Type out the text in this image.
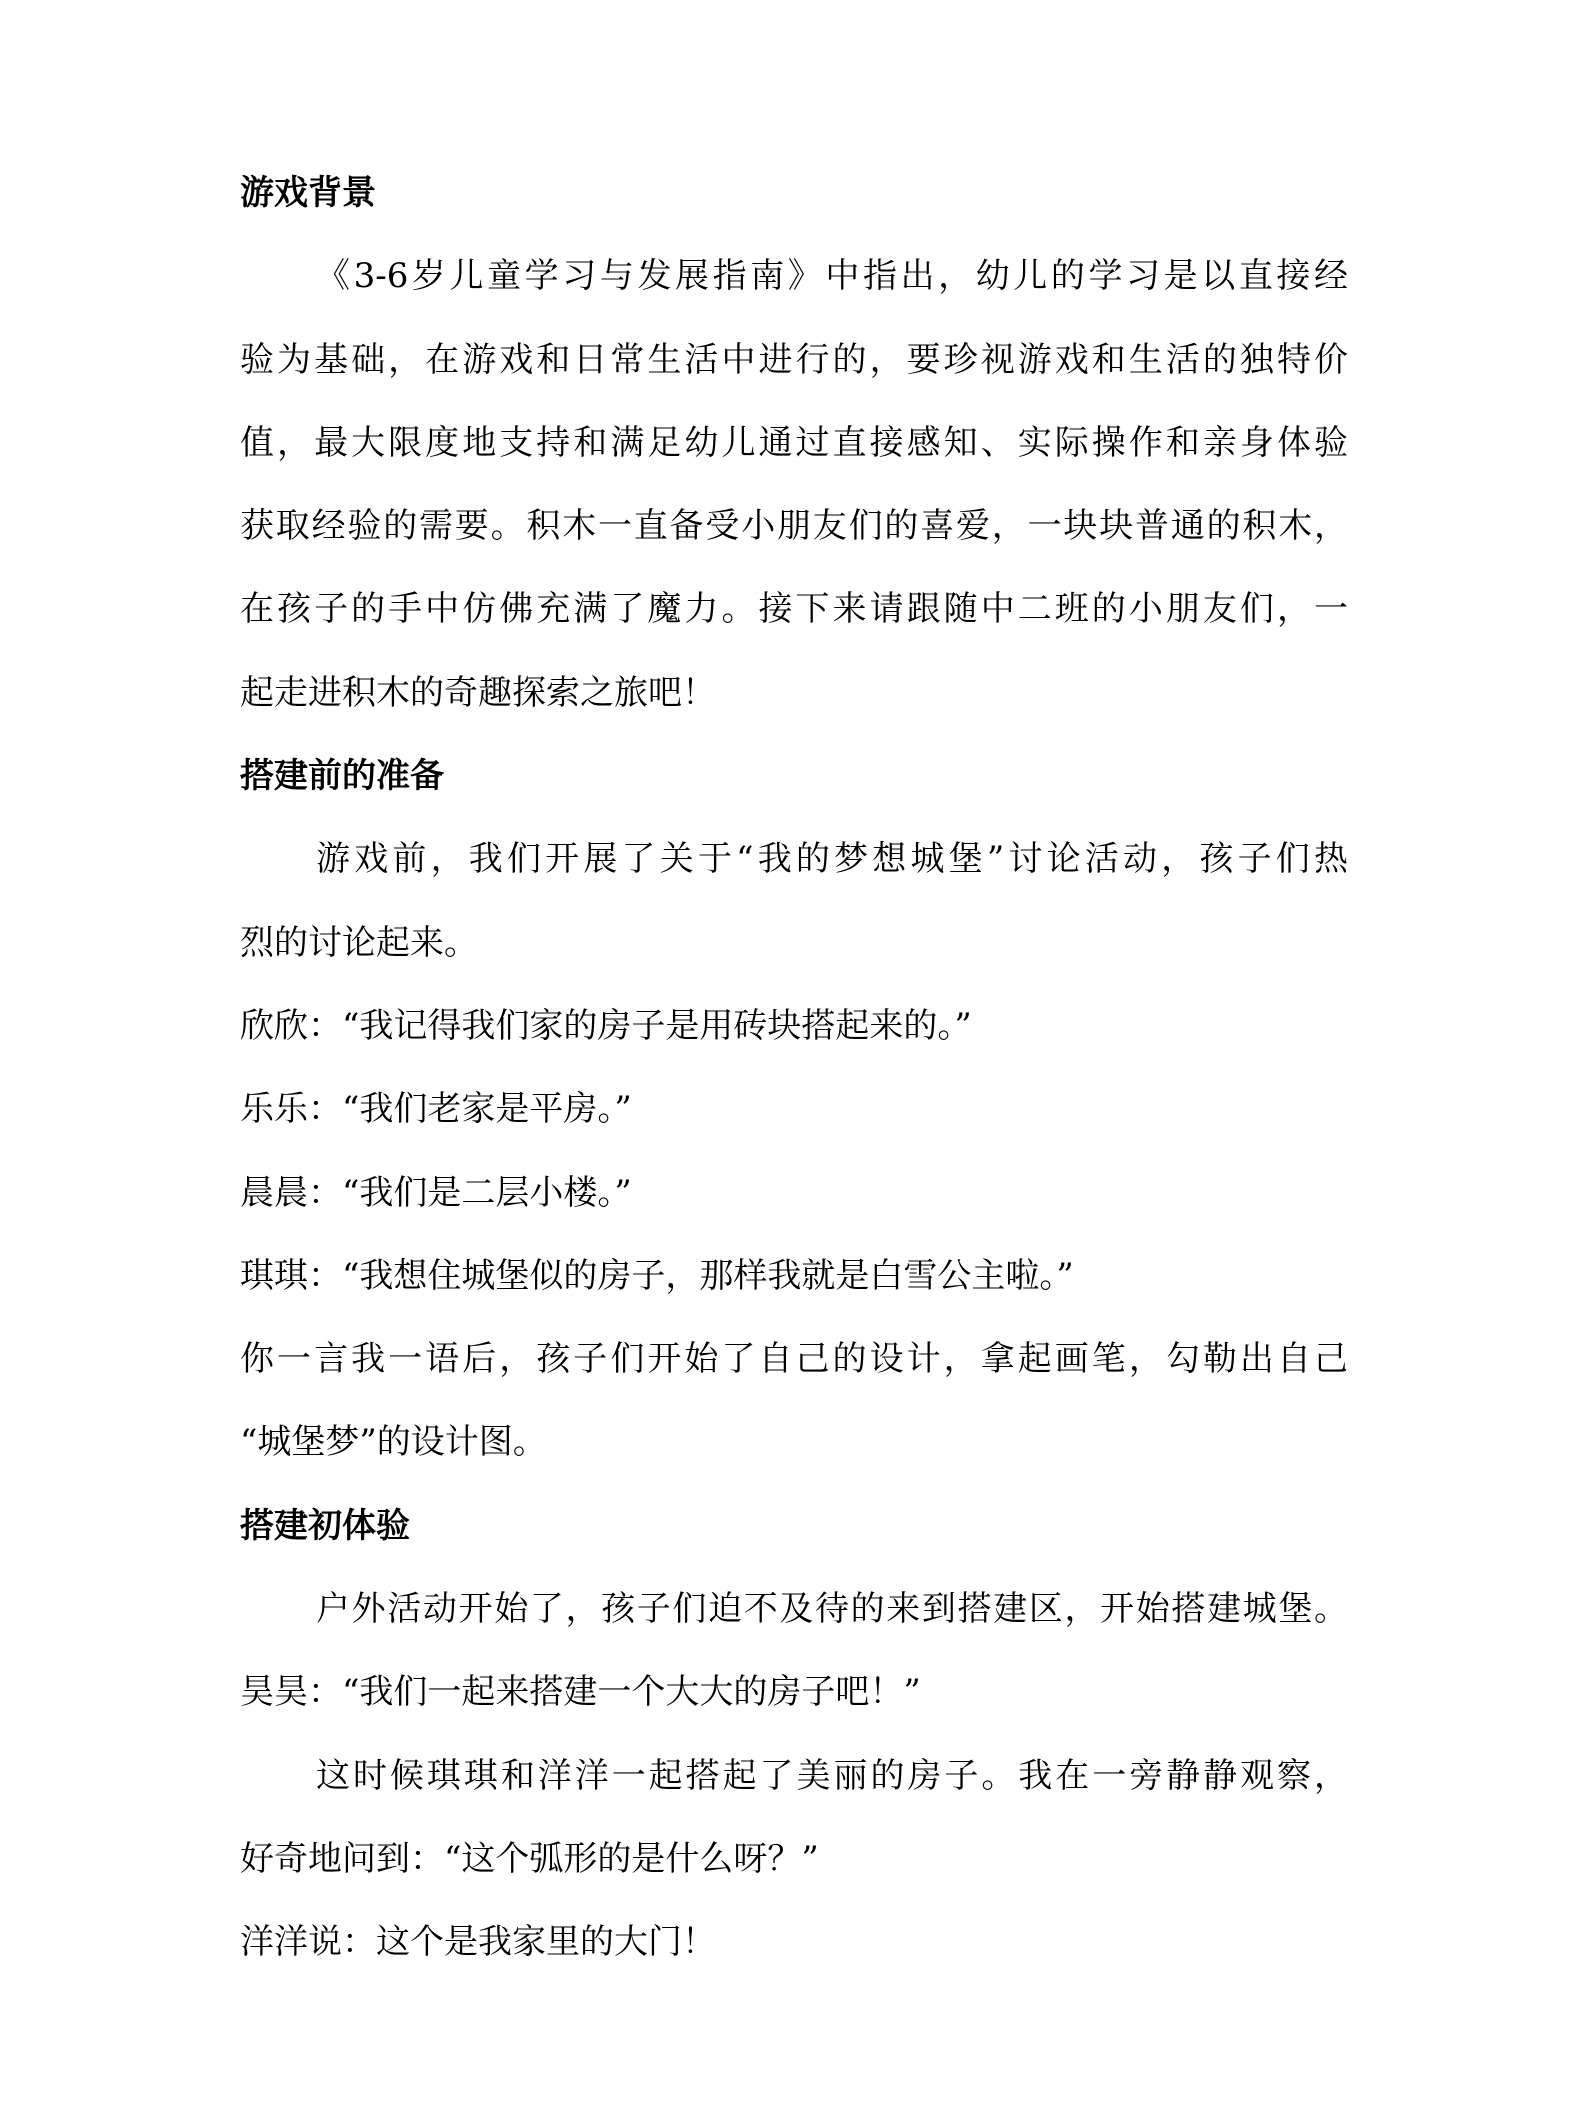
游戏背景
《3-6岁儿童学习与发展指南》中指出，幼儿的学习是以直接经
验为基础，在游戏和日常生活中进行的，要珍视游戏和生活的独特价
值，最大限度地支持和满足幼儿通过直接感知、实际操作和亲身体验
获取经验的需要。积木一直备受小朋友们的喜爱，一块块普通的积木，
在孩子的手中仿佛充满了魔力。接下来请跟随中二班的小朋友们，一
起走进积木的奇趣探索之旅吧！
搭建前的准备
游戏前，我们开展了关于“我的梦想城堡”讨论活动，孩子们热
烈的讨论起来。
欣欣：“我记得我们家的房子是用砖块搭起来的。”
乐乐：“我们老家是平房。”
晨晨：“我们是二层小楼。”
琪琪：“我想住城堡似的房子，那样我就是白雪公主啦。”
你一言我一语后，孩子们开始了自己的设计，拿起画笔，勾勒出自己
“城堡梦”的设计图。
搭建初体验
户外活动开始了，孩子们迫不及待的来到搭建区，开始搭建城堡。
昊昊：“我们一起来搭建一个大大的房子吧！”
这时候琪琪和洋洋一起搭起了美丽的房子。我在一旁静静观察，
好奇地问到：“这个弧形的是什么呀？”
洋洋说：这个是我家里的大门！
